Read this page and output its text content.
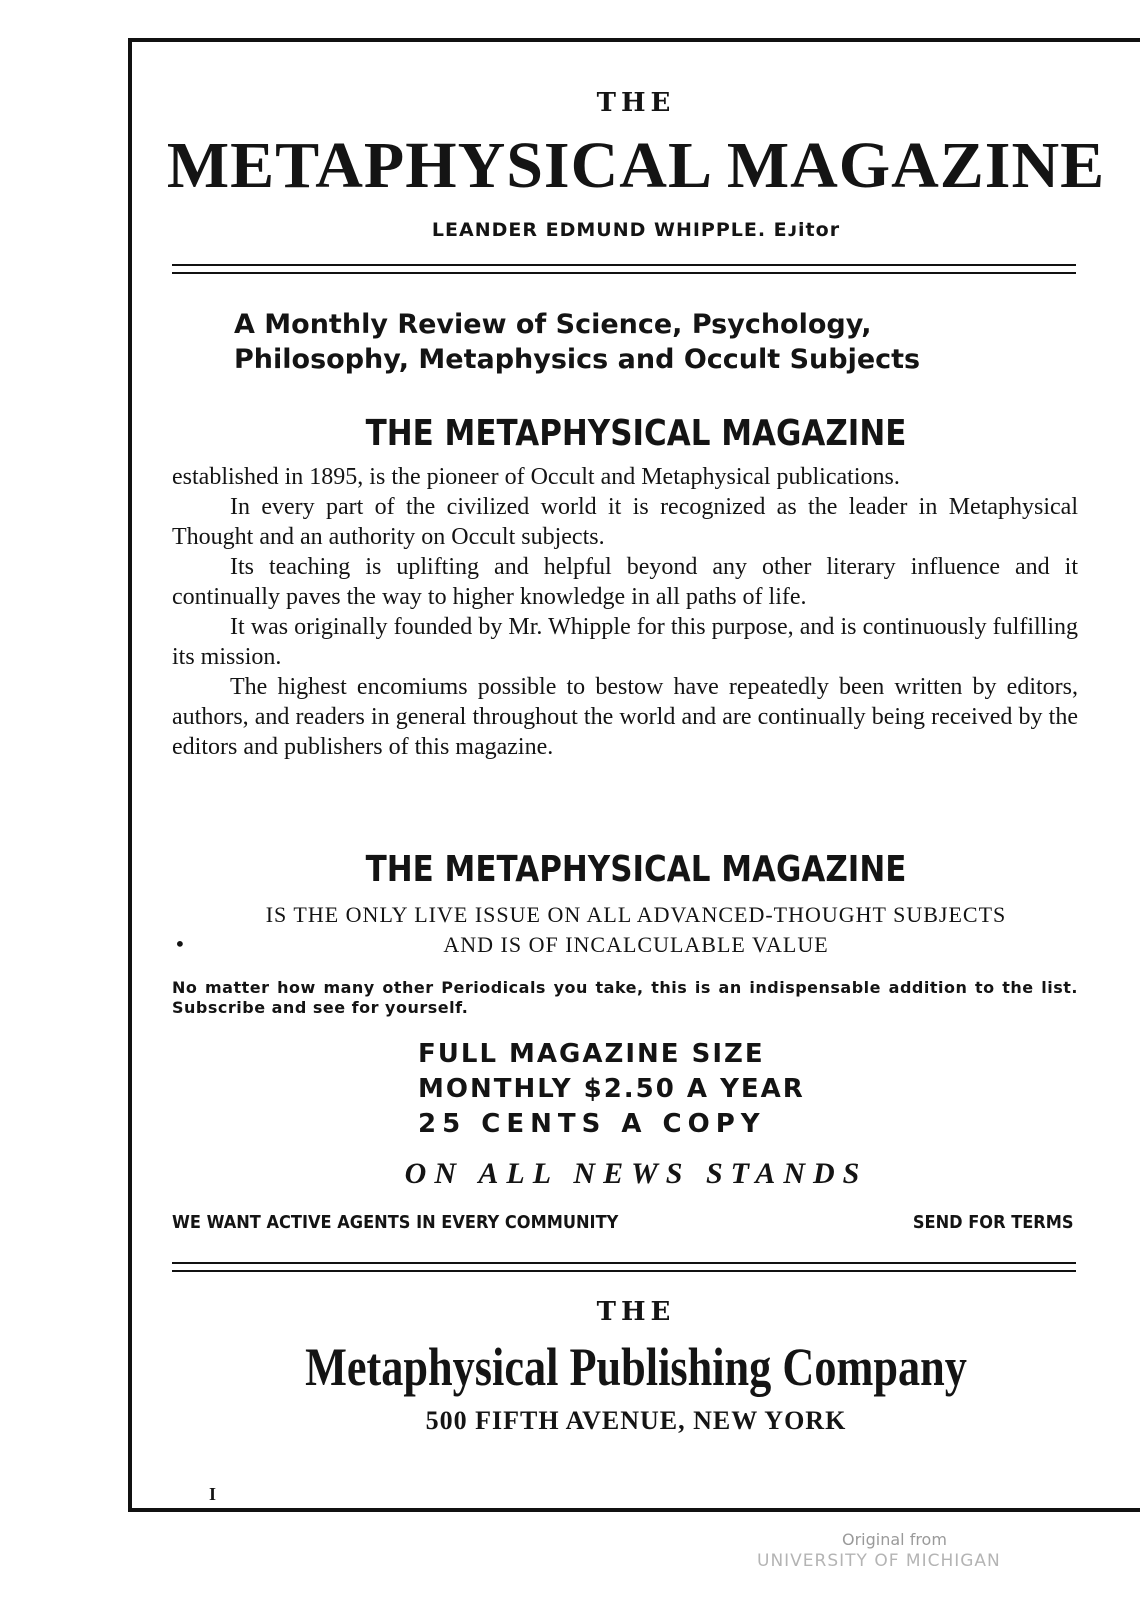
THE
METAPHYSICAL MAGAZINE
LEANDER EDMUND WHIPPLE. Eᴊitor
A Monthly Review of Science, Psychology,
Philosophy, Metaphysics and Occult Subjects
THE METAPHYSICAL MAGAZINE

established in 1895, is the pioneer of Occult and Metaphysical publications.

In every part of the civilized world it is recognized as the leader in Metaphysical Thought and an authority on Occult subjects.

Its teaching is uplifting and helpful beyond any other literary influence and it continually paves the way to higher knowledge in all paths of life.

It was originally founded by Mr. Whipple for this purpose, and is continuously fulfilling its mission.

The highest encomiums possible to bestow have repeatedly been written by editors, authors, and readers in general throughout the world and are continually being received by the editors and publishers of this magazine.

THE METAPHYSICAL MAGAZINE
IS THE ONLY LIVE ISSUE ON ALL ADVANCED-THOUGHT SUBJECTS
AND IS OF INCALCULABLE VALUE
•

No matter how many other Periodicals you take, this is an indispensable addition to the list. Subscribe and see for yourself.

FULL MAGAZINE SIZE
MONTHLY $2.50 A YEAR
25 CENTS A COPY
ON ALL NEWS STANDS
WE WANT ACTIVE AGENTS IN EVERY COMMUNITY	SEND FOR TERMS
THE
Metaphysical Publishing Company
500 FIFTH AVENUE, NEW YORK
I
Original from
UNIVERSITY OF MICHIGAN
